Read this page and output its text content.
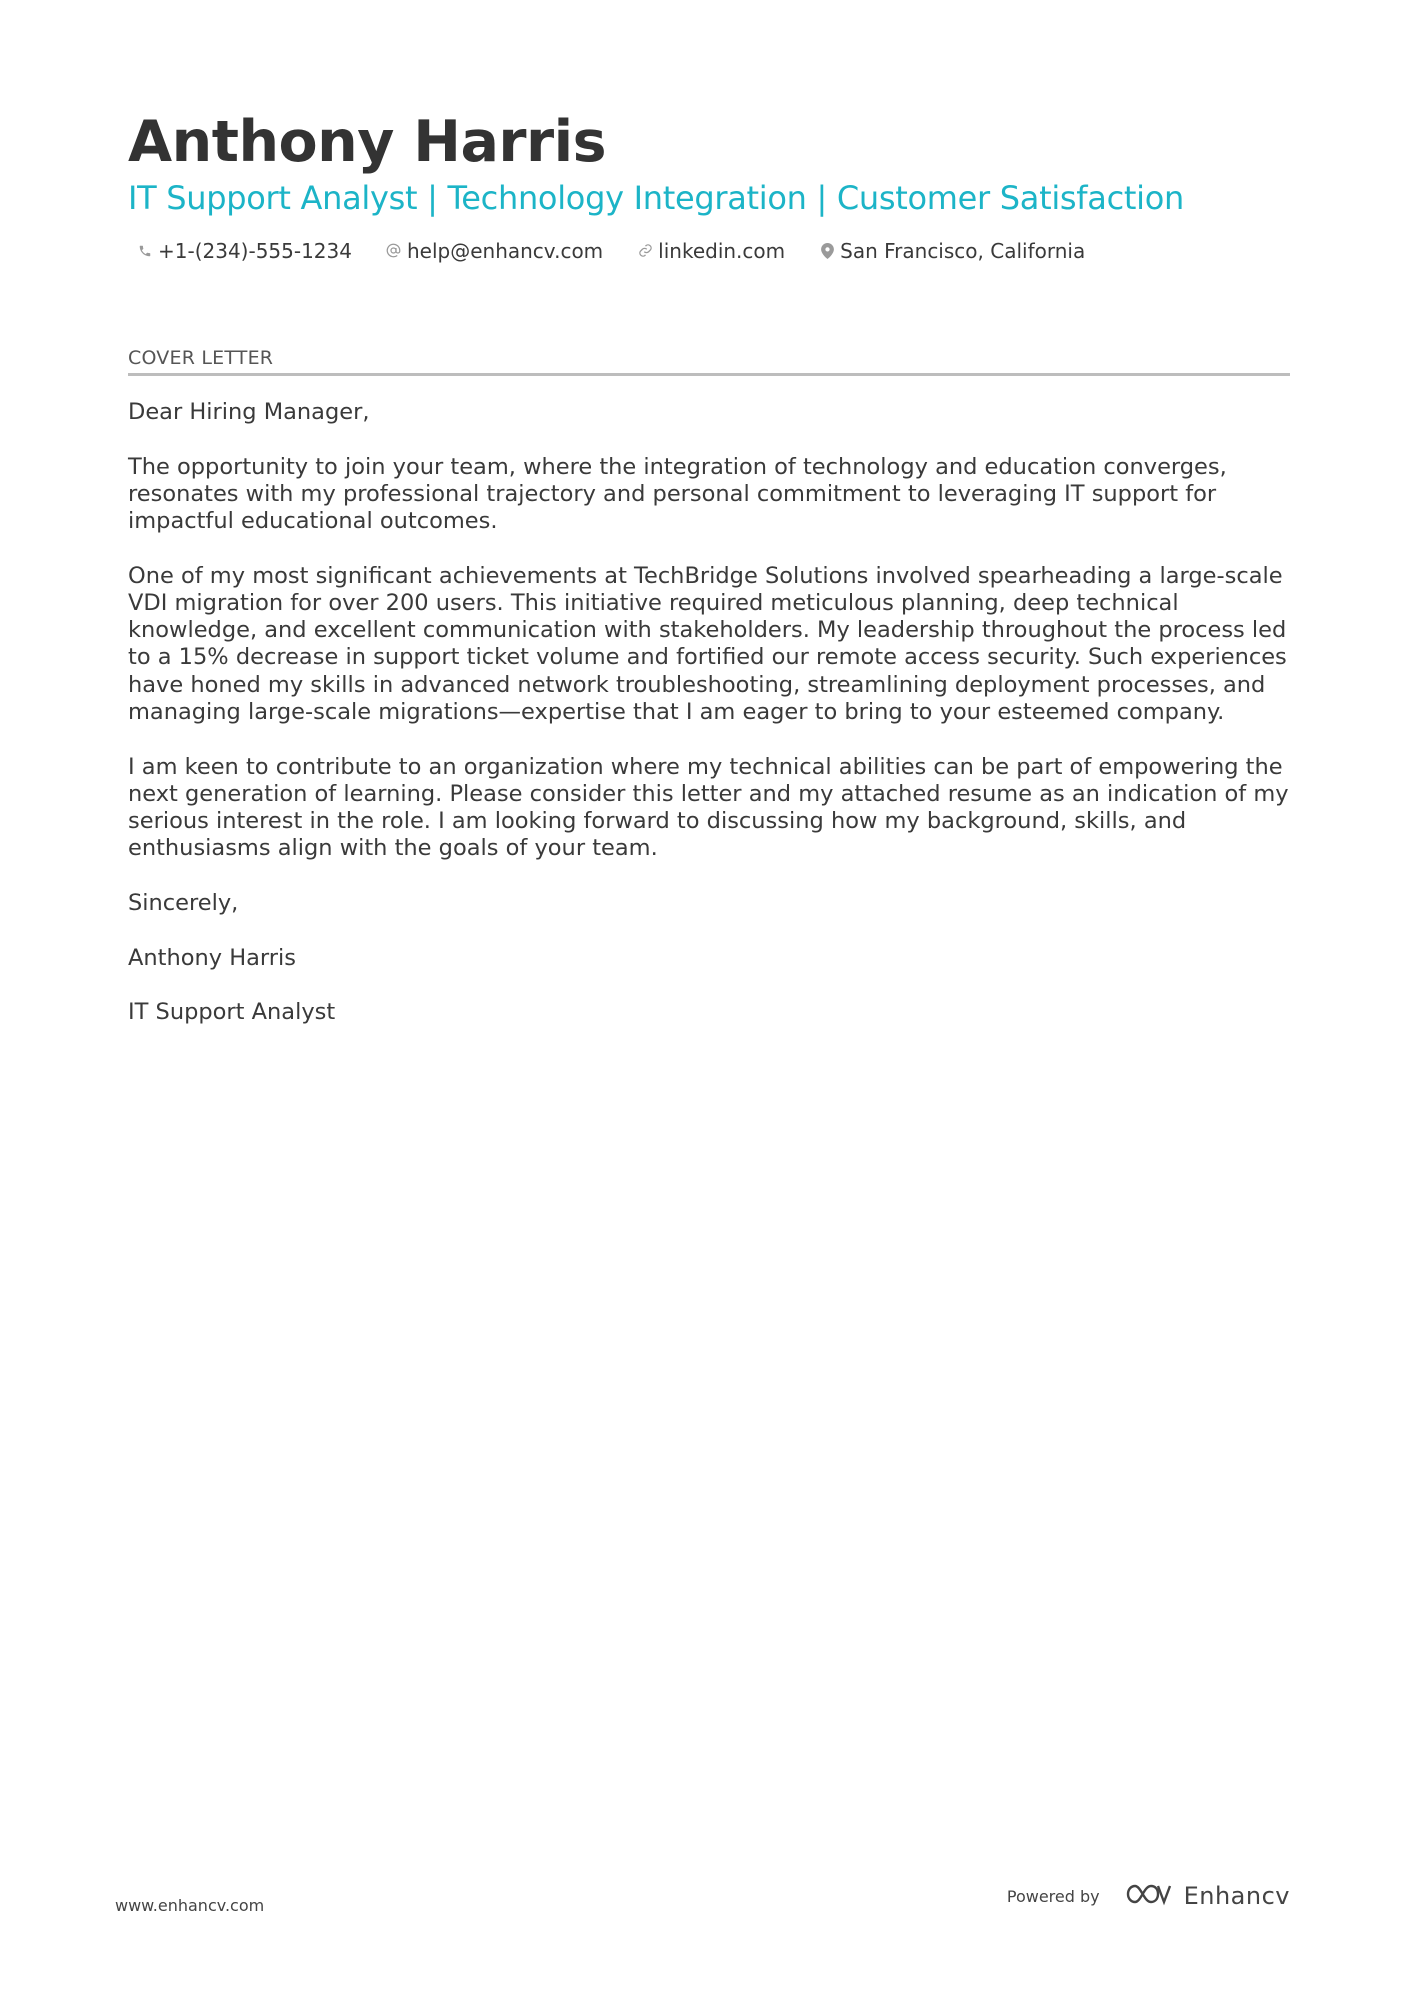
Anthony Harris
IT Support Analyst | Technology Integration | Customer Satisfaction
+1-(234)-555-1234	help@enhancv.com	linkedin.com	San Francisco, California
COVER LETTER

Dear Hiring Manager,

The opportunity to join your team, where the integration of technology and education converges, resonates with my professional trajectory and personal commitment to leveraging IT support for impactful educational outcomes.

One of my most significant achievements at TechBridge Solutions involved spearheading a large-scale VDI migration for over 200 users. This initiative required meticulous planning, deep technical knowledge, and excellent communication with stakeholders. My leadership throughout the process led to a 15% decrease in support ticket volume and fortified our remote access security. Such experiences have honed my skills in advanced network troubleshooting, streamlining deployment processes, and managing large-scale migrations—expertise that I am eager to bring to your esteemed company.

I am keen to contribute to an organization where my technical abilities can be part of empowering the next generation of learning. Please consider this letter and my attached resume as an indication of my serious interest in the role. I am looking forward to discussing how my background, skills, and enthusiasms align with the goals of your team.

Sincerely,

Anthony Harris

IT Support Analyst

www.enhancv.com	Powered by	Enhancv
